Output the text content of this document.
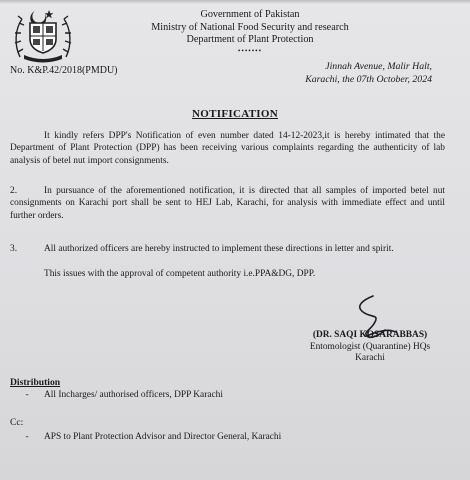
Government of Pakistan
Ministry of National Food Security and research
Department of Plant Protection
•••••••
No. K&P.42/2018(PMDU)	Jinnah Avenue, Malir Halt,
Karachi, the 07th October, 2024
NOTIFICATION
It kindly refers DPP's Notification of even number dated 14-12-2023,it is hereby intimated that the Department of Plant Protection (DPP) has been receiving various complaints regarding the authenticity of lab analysis of betel nut import consignments.
2.	In pursuance of the aforementioned notification, it is directed that all samples of imported betel nut consignments on Karachi port shall be sent to HEJ Lab, Karachi, for analysis with immediate effect and until further orders.
3.	All authorized officers are hereby instructed to implement these directions in letter and spirit.
This issues with the approval of competent authority i.e.PPA&DG, DPP.
(DR. SAQI KOSARABBAS)
Entomologist (Quarantine) HQs
Karachi
Distribution
- All Incharges/ authorised officers, DPP Karachi
Cc:
- APS to Plant Protection Advisor and Director General, Karachi
